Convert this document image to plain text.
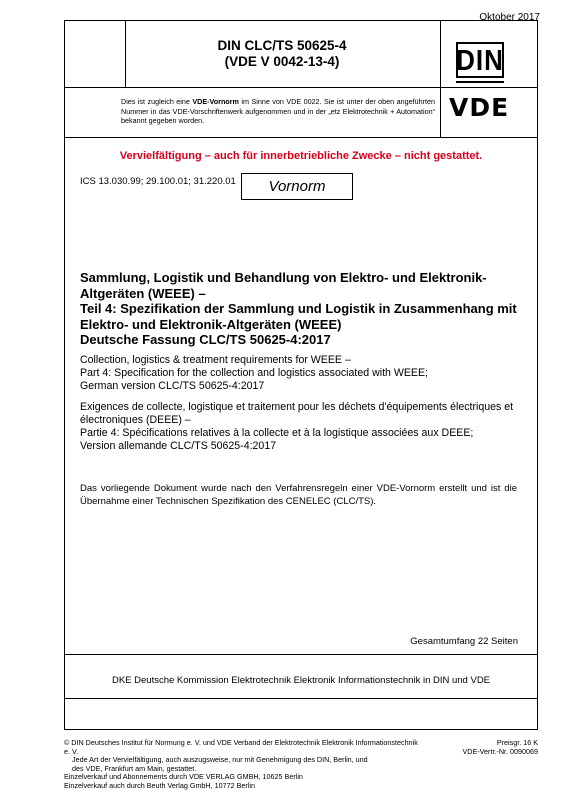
Oktober 2017
DIN CLC/TS 50625-4
(VDE V 0042-13-4)	DIN
Dies ist zugleich eine VDE-Vornorm im Sinne von VDE 0022. Sie ist unter der oben angeführten Nummer in das VDE-Vorschriftenwerk aufgenommen und in der „etz Elektrotechnik + Automation“ bekannt gegeben worden.	VDE
Vervielfältigung – auch für innerbetriebliche Zwecke – nicht gestattet.
ICS 13.030.99; 29.100.01; 31.220.01 Vornorm
Sammlung, Logistik und Behandlung von Elektro- und Elektronik-
Altgeräten (WEEE) –
Teil 4: Spezifikation der Sammlung und Logistik in Zusammenhang mit
Elektro- und Elektronik-Altgeräten (WEEE)
Deutsche Fassung CLC/TS 50625-4:2017
Collection, logistics & treatment requirements for WEEE –
Part 4: Specification for the collection and logistics associated with WEEE;
German version CLC/TS 50625-4:2017
Exigences de collecte, logistique et traitement pour les déchets d'équipements électriques et
électroniques (DEEE) –
Partie 4: Spécifications relatives à la collecte et à la logistique associées aux DEEE;
Version allemande CLC/TS 50625-4:2017
Das vorliegende Dokument wurde nach den Verfahrensregeln einer VDE-Vornorm erstellt und ist die Übernahme einer Technischen Spezifikation des CENELEC (CLC/TS).
Gesamtumfang 22 Seiten
DKE Deutsche Kommission Elektrotechnik Elektronik Informationstechnik in DIN und VDE
© DIN Deutsches Institut für Normung e. V. und VDE Verband der Elektrotechnik Elektronik Informationstechnik e. V.
Jede Art der Vervielfältigung, auch auszugsweise, nur mit Genehmigung des DIN, Berlin, und
des VDE, Frankfurt am Main, gestattet.
Einzelverkauf und Abonnements durch VDE VERLAG GMBH, 10625 Berlin
Einzelverkauf auch durch Beuth Verlag GmbH, 10772 Berlin
Preisgr. 16 K
VDE-Vertr.-Nr. 0090069
